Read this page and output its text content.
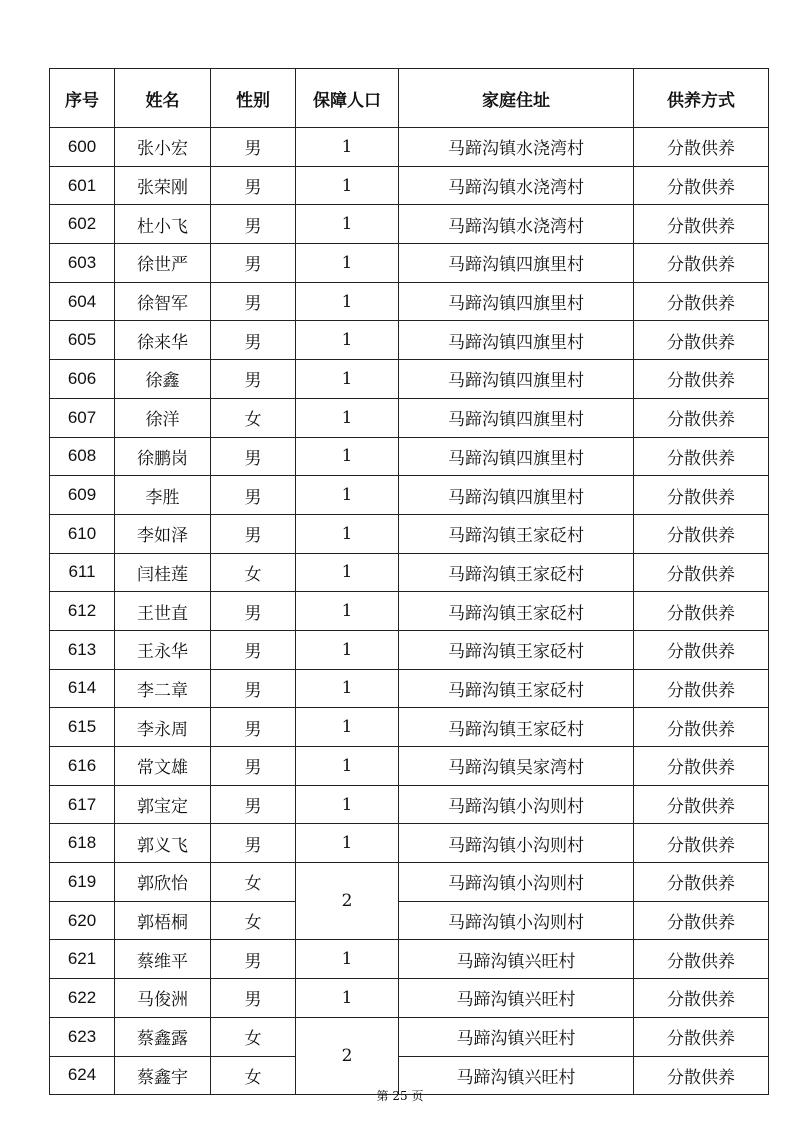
序号	姓名	性别	保障人口	家庭住址	供养方式
600	张小宏	男	1	马蹄沟镇水浇湾村	分散供养
601	张荣刚	男	1	马蹄沟镇水浇湾村	分散供养
602	杜小飞	男	1	马蹄沟镇水浇湾村	分散供养
603	徐世严	男	1	马蹄沟镇四旗里村	分散供养
604	徐智军	男	1	马蹄沟镇四旗里村	分散供养
605	徐来华	男	1	马蹄沟镇四旗里村	分散供养
606	徐鑫	男	1	马蹄沟镇四旗里村	分散供养
607	徐洋	女	1	马蹄沟镇四旗里村	分散供养
608	徐鹏岗	男	1	马蹄沟镇四旗里村	分散供养
609	李胜	男	1	马蹄沟镇四旗里村	分散供养
610	李如泽	男	1	马蹄沟镇王家砭村	分散供养
611	闫桂莲	女	1	马蹄沟镇王家砭村	分散供养
612	王世直	男	1	马蹄沟镇王家砭村	分散供养
613	王永华	男	1	马蹄沟镇王家砭村	分散供养
614	李二章	男	1	马蹄沟镇王家砭村	分散供养
615	李永周	男	1	马蹄沟镇王家砭村	分散供养
616	常文雄	男	1	马蹄沟镇吴家湾村	分散供养
617	郭宝定	男	1	马蹄沟镇小沟则村	分散供养
618	郭义飞	男	1	马蹄沟镇小沟则村	分散供养
619	郭欣怡	女	2	马蹄沟镇小沟则村	分散供养
620	郭梧桐	女		马蹄沟镇小沟则村	分散供养
621	蔡维平	男	1	马蹄沟镇兴旺村	分散供养
622	马俊洲	男	1	马蹄沟镇兴旺村	分散供养
623	蔡鑫露	女	2	马蹄沟镇兴旺村	分散供养
624	蔡鑫宇	女		马蹄沟镇兴旺村	分散供养
第 25 页
